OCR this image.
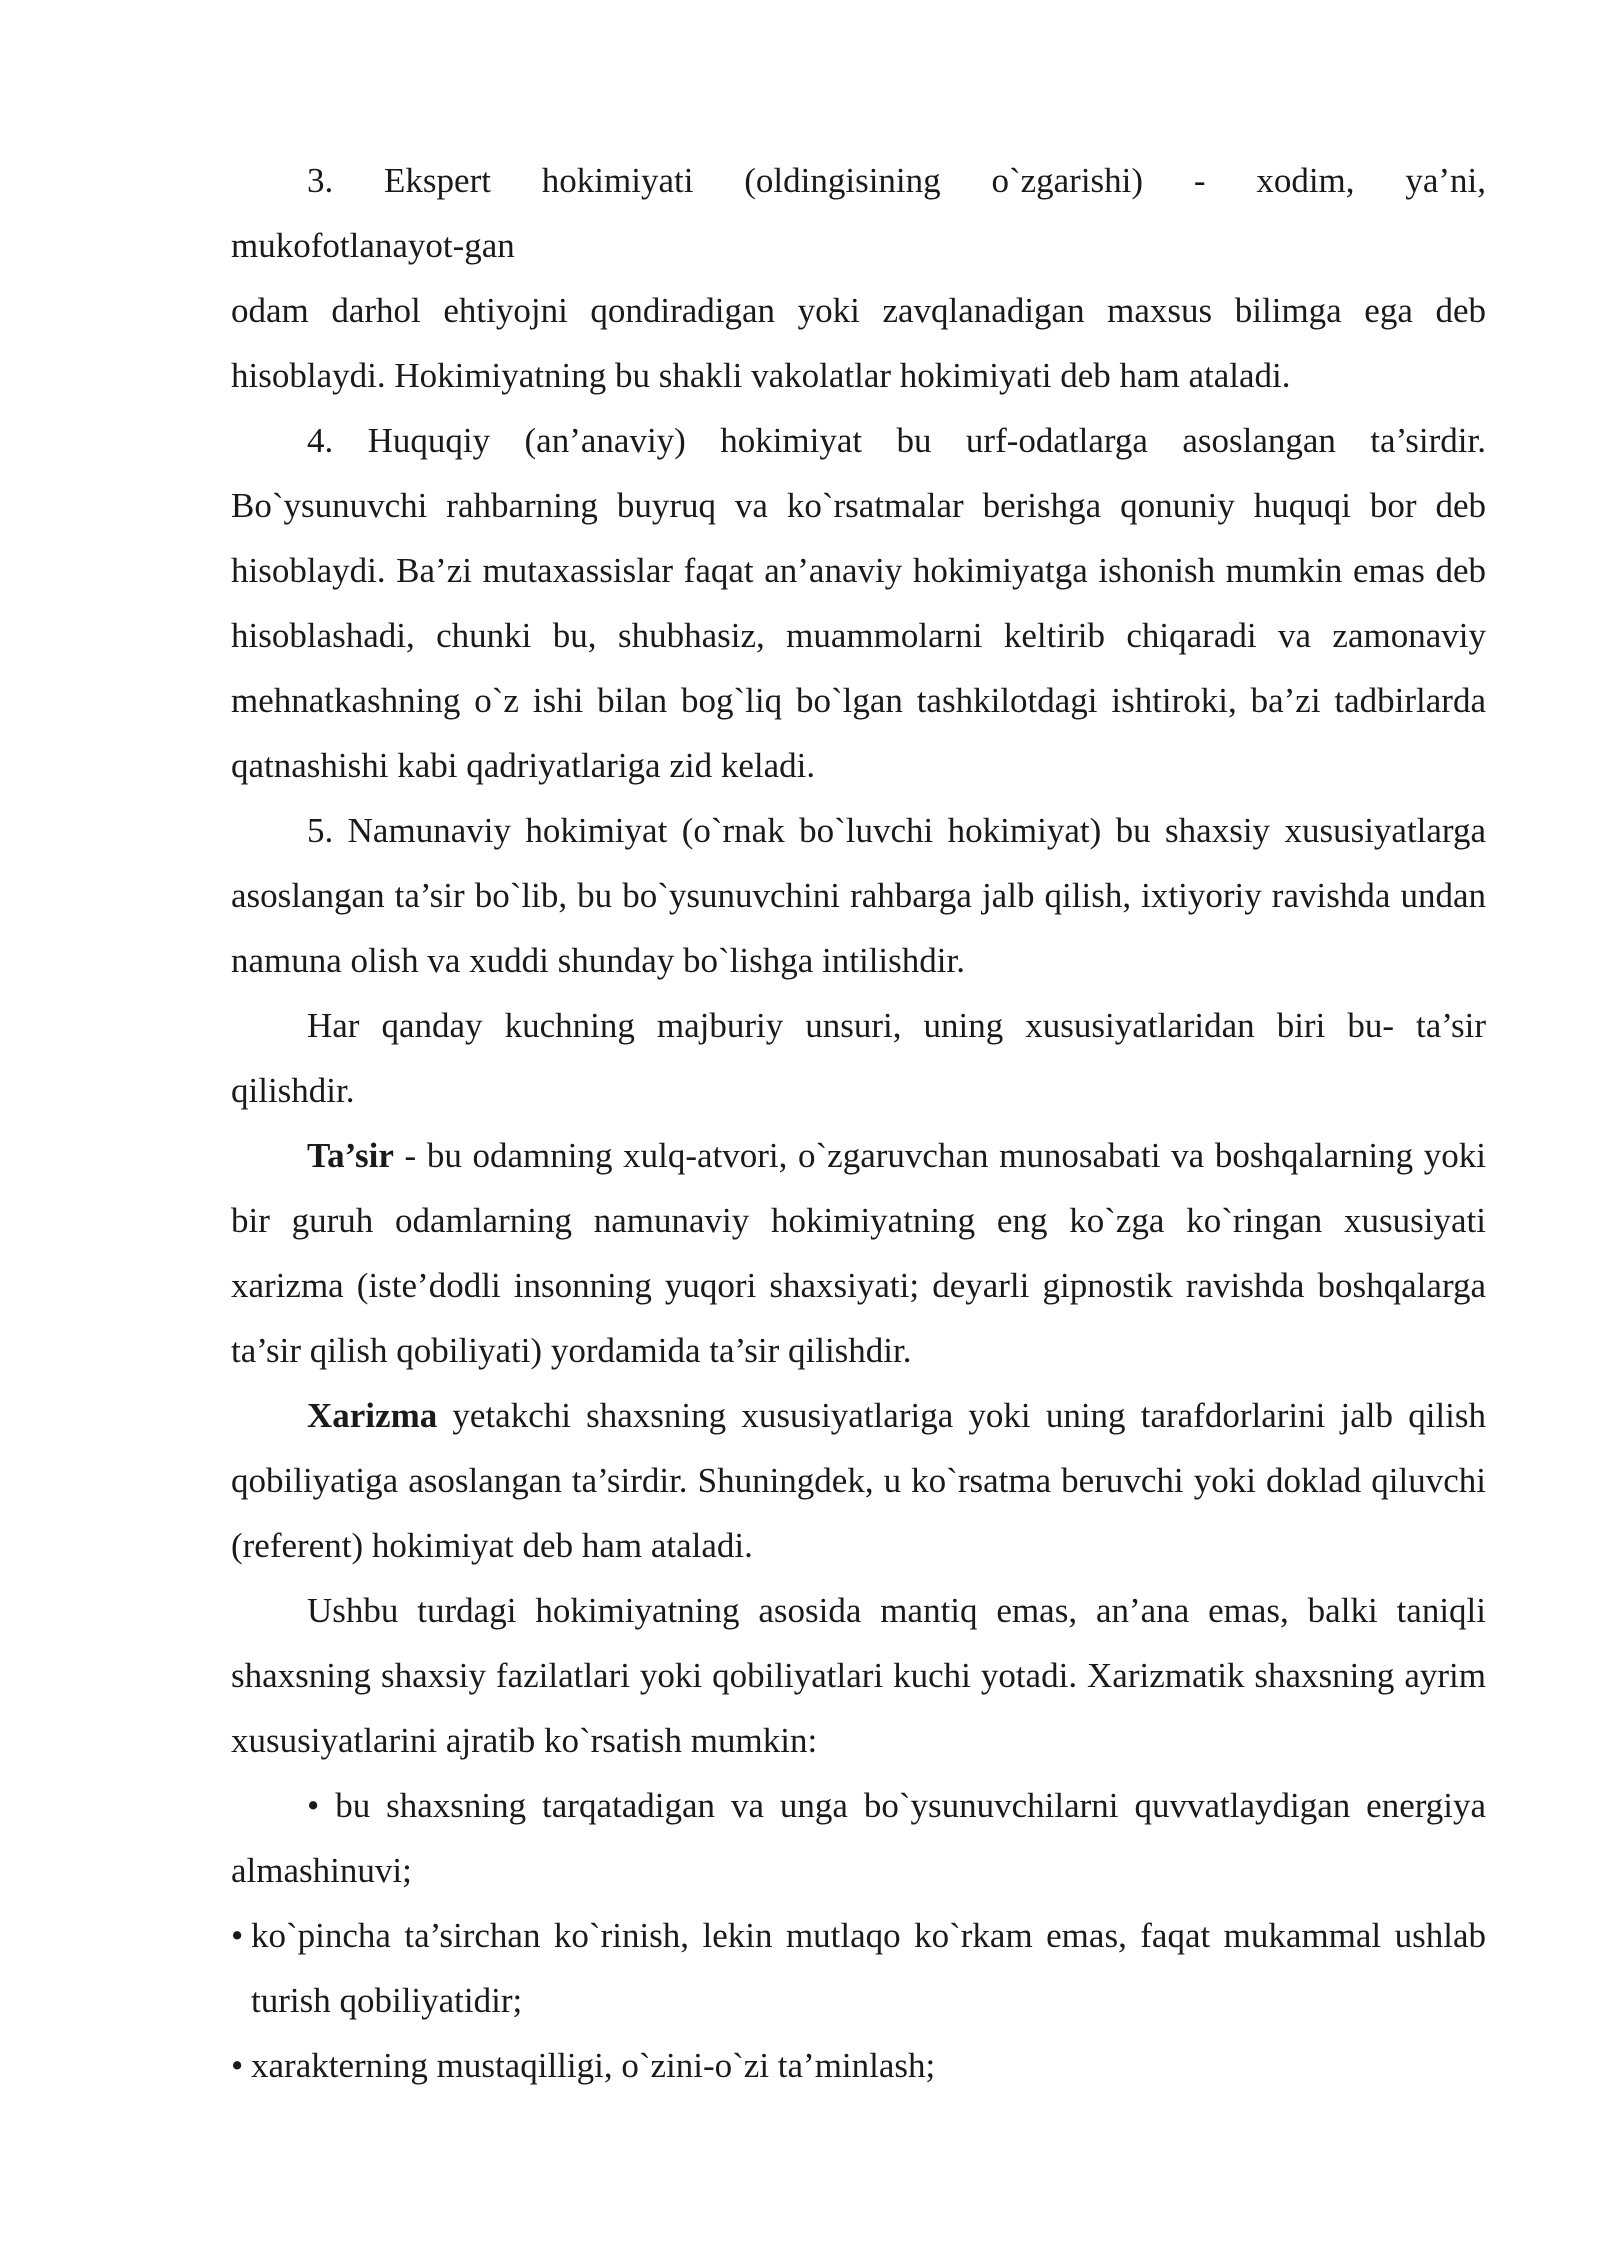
3. Ekspert hokimiyati (oldingisining o`zgarishi) - xodim, ya’ni,

mukofotlanayot-gan

odam darhol ehtiyojni qondiradigan yoki zavqlanadigan maxsus bilimga ega deb hisoblaydi. Hokimiyatning bu shakli vakolatlar hokimiyati deb ham ataladi.

4. Huquqiy (an’anaviy) hokimiyat bu urf-odatlarga asoslangan ta’sirdir. Bo`ysunuvchi rahbarning buyruq va ko`rsatmalar berishga qonuniy huquqi bor deb hisoblaydi. Ba’zi mutaxassislar faqat an’anaviy hokimiyatga ishonish mumkin emas deb hisoblashadi, chunki bu, shubhasiz, muammolarni keltirib chiqaradi va zamonaviy mehnatkashning o`z ishi bilan bog`liq bo`lgan tashkilotdagi ishtiroki, ba’zi tadbirlarda qatnashishi kabi qadriyatlariga zid keladi.

5. Namunaviy hokimiyat (o`rnak bo`luvchi hokimiyat) bu shaxsiy xususiyatlarga asoslangan ta’sir bo`lib, bu bo`ysunuvchini rahbarga jalb qilish, ixtiyoriy ravishda undan namuna olish va xuddi shunday bo`lishga intilishdir.

Har qanday kuchning majburiy unsuri, uning xususiyatlaridan biri bu- ta’sir qilishdir.

Ta’sir - bu odamning xulq-atvori, o`zgaruvchan munosabati va boshqalarning yoki bir guruh odamlarning namunaviy hokimiyatning eng ko`zga ko`ringan xususiyati xarizma (iste’dodli insonning yuqori shaxsiyati; deyarli gipnostik ravishda boshqalarga ta’sir qilish qobiliyati) yordamida ta’sir qilishdir.

Xarizma yetakchi shaxsning xususiyatlariga yoki uning tarafdorlarini jalb qilish qobiliyatiga asoslangan ta’sirdir. Shuningdek, u ko`rsatma beruvchi yoki doklad qiluvchi (referent) hokimiyat deb ham ataladi.

Ushbu turdagi hokimiyatning asosida mantiq emas, an’ana emas, balki taniqli shaxsning shaxsiy fazilatlari yoki qobiliyatlari kuchi yotadi. Xarizmatik shaxsning ayrim xususiyatlarini ajratib ko`rsatish mumkin:

• bu shaxsning tarqatadigan va unga bo`ysunuvchilarni quvvatlaydigan energiya almashinuvi;

• ko`pincha ta’sirchan ko`rinish, lekin mutlaqo ko`rkam emas, faqat mukammal ushlab turish qobiliyatidir;

• xarakterning mustaqilligi, o`zini-o`zi ta’minlash;
